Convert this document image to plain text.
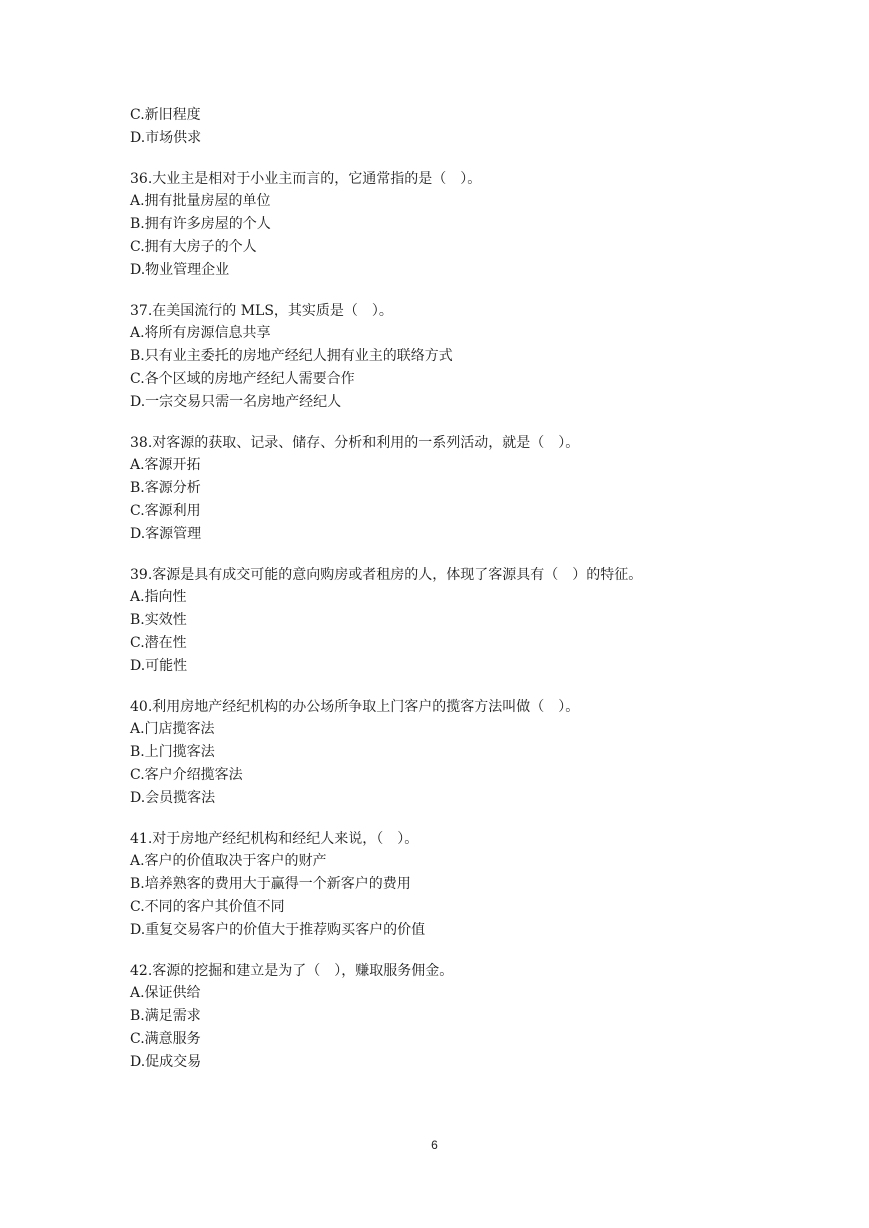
C.新旧程度
D.市场供求
36.大业主是相对于小业主而言的，它通常指的是（　）。
A.拥有批量房屋的单位
B.拥有许多房屋的个人
C.拥有大房子的个人
D.物业管理企业
37.在美国流行的 MLS，其实质是（　）。
A.将所有房源信息共享
B.只有业主委托的房地产经纪人拥有业主的联络方式
C.各个区域的房地产经纪人需要合作
D.一宗交易只需一名房地产经纪人
38.对客源的获取、记录、储存、分析和利用的一系列活动，就是（　）。
A.客源开拓
B.客源分析
C.客源利用
D.客源管理
39.客源是具有成交可能的意向购房或者租房的人，体现了客源具有（　）的特征。
A.指向性
B.实效性
C.潜在性
D.可能性
40.利用房地产经纪机构的办公场所争取上门客户的揽客方法叫做（　）。
A.门店揽客法
B.上门揽客法
C.客户介绍揽客法
D.会员揽客法
41.对于房地产经纪机构和经纪人来说，（　）。
A.客户的价值取决于客户的财产
B.培养熟客的费用大于赢得一个新客户的费用
C.不同的客户其价值不同
D.重复交易客户的价值大于推荐购买客户的价值
42.客源的挖掘和建立是为了（　），赚取服务佣金。
A.保证供给
B.满足需求
C.满意服务
D.促成交易
6
